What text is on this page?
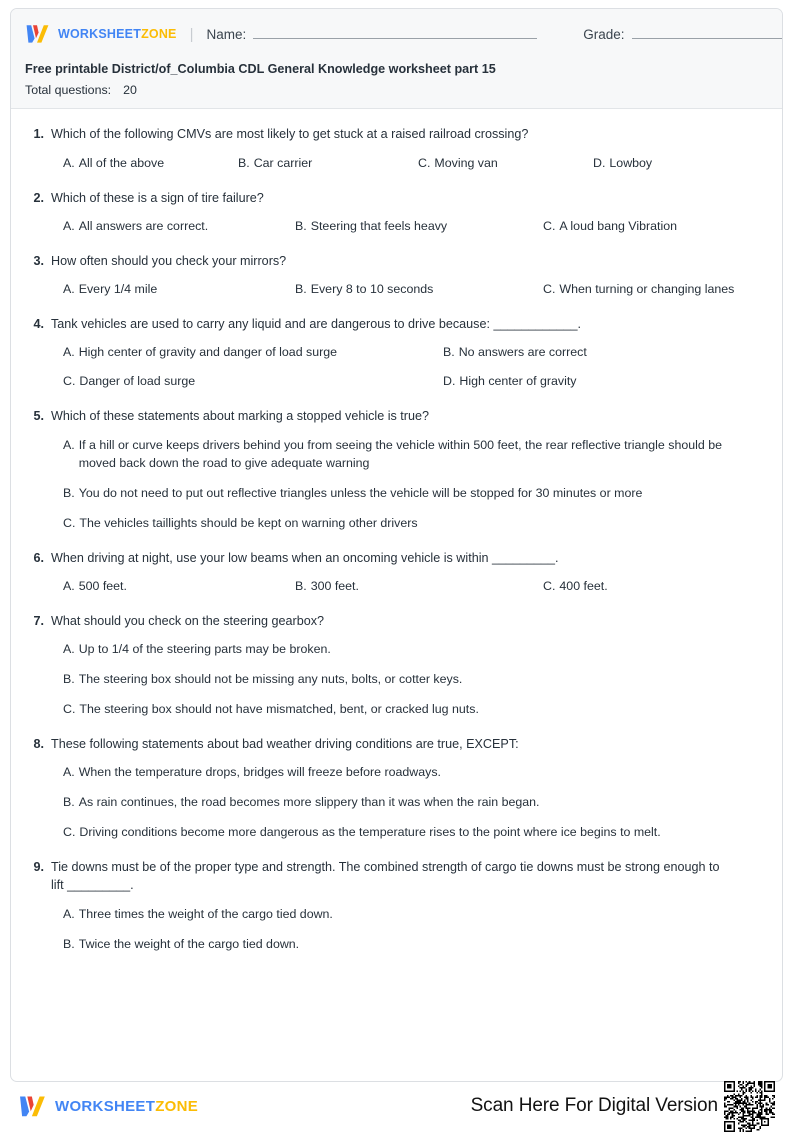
WORKSHEETZONE | Name:	Grade:
Free printable District/of_Columbia CDL General Knowledge worksheet part 15
Total questions: 20
1. Which of the following CMVs are most likely to get stuck at a raised railroad crossing?
A. All of the above	B. Car carrier	C. Moving van	D. Lowboy
2. Which of these is a sign of tire failure?
A. All answers are correct.	B. Steering that feels heavy	C. A loud bang Vibration
3. How often should you check your mirrors?
A. Every 1/4 mile	B. Every 8 to 10 seconds	C. When turning or changing lanes
4. Tank vehicles are used to carry any liquid and are dangerous to drive because: ____________.
A. High center of gravity and danger of load surge	B. No answers are correct
C. Danger of load surge	D. High center of gravity
5. Which of these statements about marking a stopped vehicle is true?
A. If a hill or curve keeps drivers behind you from seeing the vehicle within 500 feet, the rear reflective triangle should be moved back down the road to give adequate warning
B. You do not need to put out reflective triangles unless the vehicle will be stopped for 30 minutes or more
C. The vehicles taillights should be kept on warning other drivers
6. When driving at night, use your low beams when an oncoming vehicle is within _________.
A. 500 feet.	B. 300 feet.	C. 400 feet.
7. What should you check on the steering gearbox?
A. Up to 1/4 of the steering parts may be broken.
B. The steering box should not be missing any nuts, bolts, or cotter keys.
C. The steering box should not have mismatched, bent, or cracked lug nuts.
8. These following statements about bad weather driving conditions are true, EXCEPT:
A. When the temperature drops, bridges will freeze before roadways.
B. As rain continues, the road becomes more slippery than it was when the rain began.
C. Driving conditions become more dangerous as the temperature rises to the point where ice begins to melt.
9. Tie downs must be of the proper type and strength. The combined strength of cargo tie downs must be strong enough to lift _________.
A. Three times the weight of the cargo tied down.
B. Twice the weight of the cargo tied down.
WORKSHEETZONE	Scan Here For Digital Version
